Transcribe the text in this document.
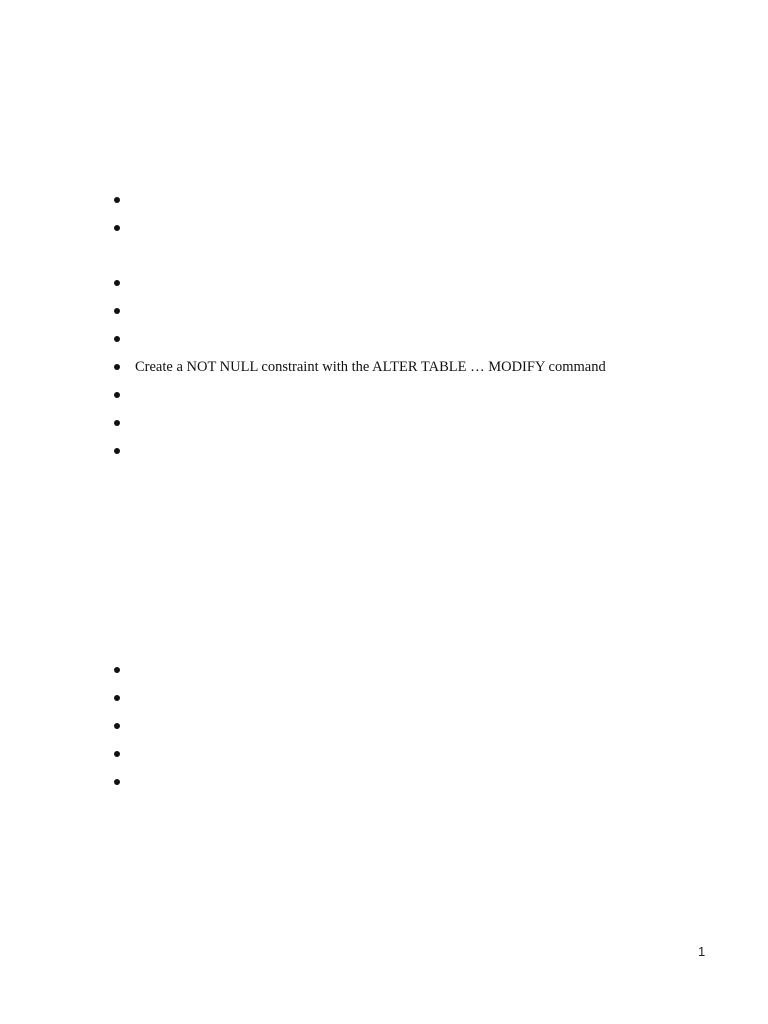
Create a NOT NULL constraint with the ALTER TABLE … MODIFY command
1
